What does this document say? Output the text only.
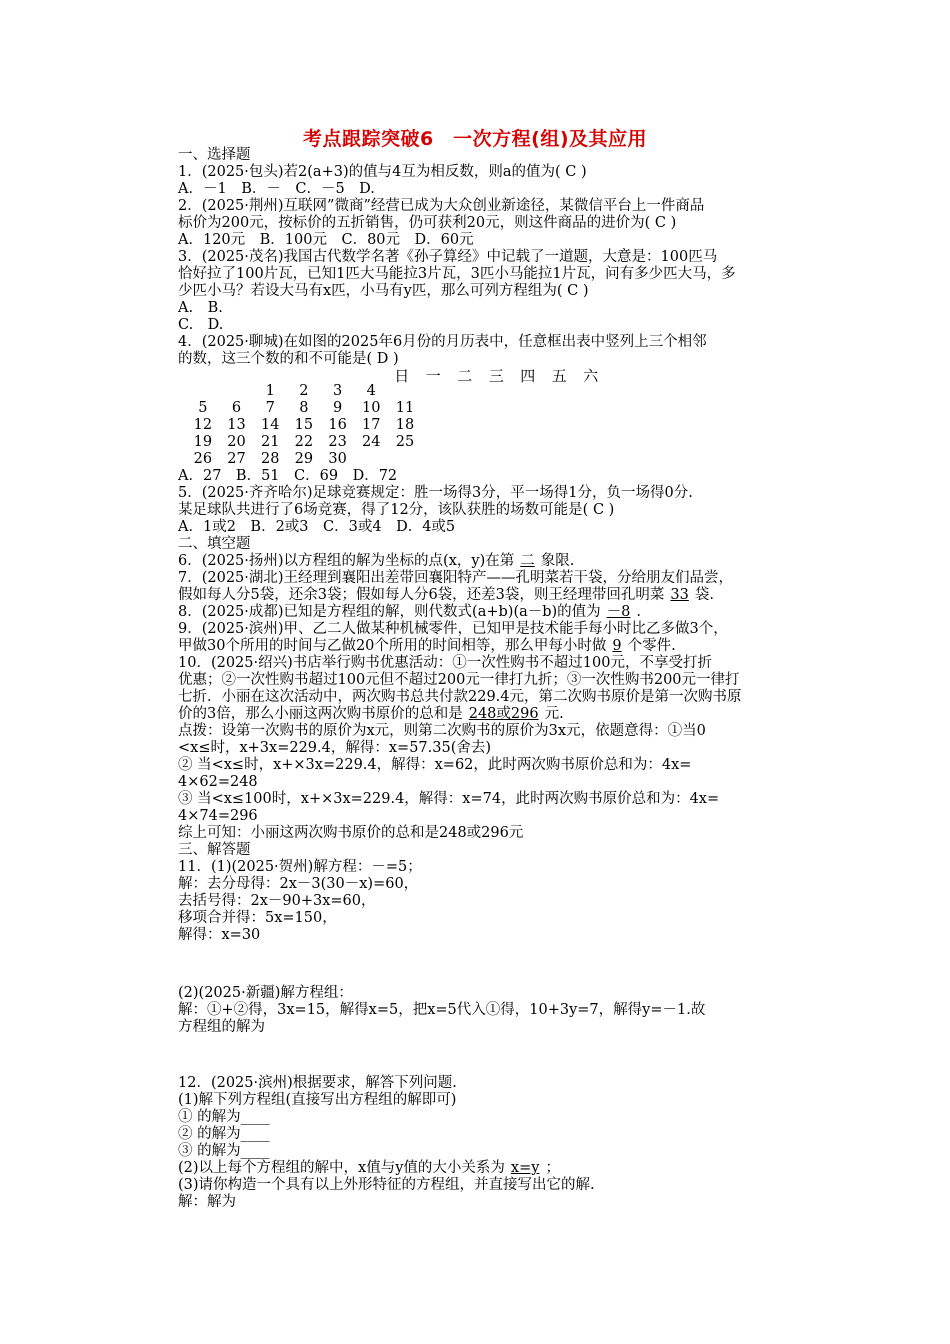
考点跟踪突破6　一次方程(组)及其应用
一、选择题
1．(2025·包头)若2(a+3)的值与4互为相反数，则a的值为( C )
A．－1　B．－　C．－5　D.
2．(2025·荆州)互联网”微商”经营已成为大众创业新途径，某微信平台上一件商品
标价为200元，按标价的五折销售，仍可获利20元，则这件商品的进价为( C )
A．120元　B．100元　C．80元　D．60元
3．(2025·茂名)我国古代数学名著《孙子算经》中记载了一道题，大意是：100匹马
恰好拉了100片瓦，已知1匹大马能拉3片瓦，3匹小马能拉1片瓦，问有多少匹大马，多
少匹小马？若设大马有x匹，小马有y匹，那么可列方程组为( C )
A.　B.
C.　D.
4．(2025·聊城)在如图的2025年6月份的月历表中，任意框出表中竖列上三个相邻
的数，这三个数的和不可能是( D )
日 一 二 三 四 五 六
1 2 3 4
5 6 7 8 9 10 11
12 13 14 15 16 17 18
19 20 21 22 23 24 25
26 27 28 29 30
A．27　B．51　C．69　D．72
5．(2025·齐齐哈尔)足球竞赛规定：胜一场得3分，平一场得1分，负一场得0分.
某足球队共进行了6场竞赛，得了12分，该队获胜的场数可能是( C )
A．1或2　B．2或3　C．3或4　D．4或5
二、填空题
6．(2025·扬州)以方程组的解为坐标的点(x，y)在第 二 象限.
7．(2025·湖北)王经理到襄阳出差带回襄阳特产——孔明菜若干袋，分给朋友们品尝，
假如每人分5袋，还余3袋；假如每人分6袋，还差3袋，则王经理带回孔明菜 33 袋.
8．(2025·成都)已知是方程组的解，则代数式(a+b)(a－b)的值为 －8 .
9．(2025·滨州)甲、乙二人做某种机械零件，已知甲是技术能手每小时比乙多做3个，
甲做30个所用的时间与乙做20个所用的时间相等，那么甲每小时做 9 个零件.
10．(2025·绍兴)书店举行购书优惠活动：①一次性购书不超过100元，不享受打折
优惠；②一次性购书超过100元但不超过200元一律打九折；③一次性购书200元一律打
七折．小丽在这次活动中，两次购书总共付款229.4元，第二次购书原价是第一次购书原
价的3倍，那么小丽这两次购书原价的总和是 248或296 元.
点拨：设第一次购书的原价为x元，则第二次购书的原价为3x元，依题意得：①当0
<x≤时，x+3x=229.4，解得：x=57.35(舍去)
② 当<x≤时，x+×3x=229.4，解得：x=62，此时两次购书原价总和为：4x=
4×62=248
③ 当<x≤100时，x+×3x=229.4，解得：x=74，此时两次购书原价总和为：4x=
4×74=296
综上可知：小丽这两次购书原价的总和是248或296元
三、解答题
11．(1)(2025·贺州)解方程：－=5；
解：去分母得：2x－3(30－x)=60，
去括号得：2x－90+3x=60，
移项合并得：5x=150，
解得：x=30
(2)(2025·新疆)解方程组：
解：①+②得，3x=15，解得x=5，把x=5代入①得，10+3y=7，解得y=－1.故
方程组的解为
12．(2025·滨州)根据要求，解答下列问题.
(1)解下列方程组(直接写出方程组的解即可)
① 的解为____
② 的解为____
③ 的解为____
(2)以上每个方程组的解中，x值与y值的大小关系为 x=y ；
(3)请你构造一个具有以上外形特征的方程组，并直接写出它的解.
解：解为
